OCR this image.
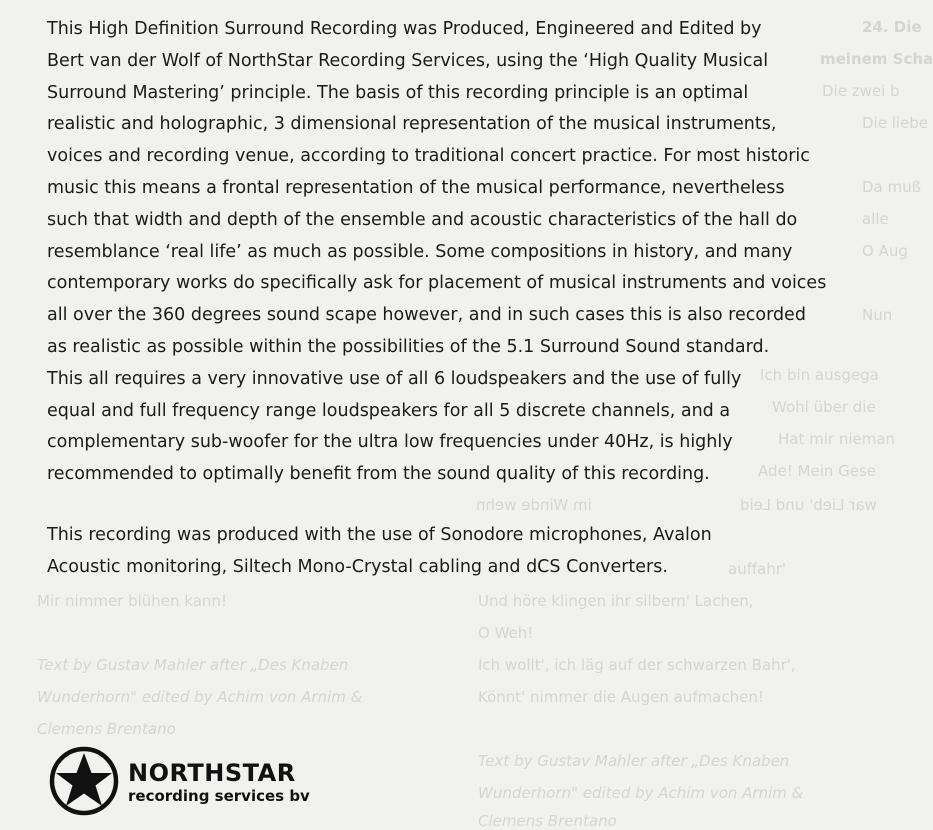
24. Die
meinem Scha
Die zwei b
Die liebe
Da muß
alle
O Aug
Nun
Ich bin ausgega
Wohl über die
Hat mir nieman
Ade! Mein Gese
war Lieb' und Leid
im Winde wehn
auffahr'
Mir nimmer blühen kann!	Und höre klingen ihr silbern' Lachen,
O Weh!
Text by Gustav Mahler after „Des Knaben	Ich wollt', ich läg auf der schwarzen Bahr',
Wunderhorn" edited by Achim von Arnim &	Könnt' nimmer die Augen aufmachen!
Clemens Brentano
Text by Gustav Mahler after „Des Knaben
Wunderhorn" edited by Achim von Arnim &
Clemens Brentano
This High Definition Surround Recording was Produced, Engineered and Edited by
Bert van der Wolf of NorthStar Recording Services, using the ‘High Quality Musical
Surround Mastering’ principle. The basis of this recording principle is an optimal
realistic and holographic, 3 dimensional representation of the musical instruments,
voices and recording venue, according to traditional concert practice. For most historic
music this means a frontal representation of the musical performance, nevertheless
such that width and depth of the ensemble and acoustic characteristics of the hall do
resemblance ‘real life’ as much as possible. Some compositions in history, and many
contemporary works do specifically ask for placement of musical instruments and voices
all over the 360 degrees sound scape however, and in such cases this is also recorded
as realistic as possible within the possibilities of the 5.1 Surround Sound standard.
This all requires a very innovative use of all 6 loudspeakers and the use of fully
equal and full frequency range loudspeakers for all 5 discrete channels, and a
complementary sub-woofer for the ultra low frequencies under 40Hz, is highly
recommended to optimally benefit from the sound quality of this recording.
This recording was produced with the use of Sonodore microphones, Avalon
Acoustic monitoring, Siltech Mono-Crystal cabling and dCS Converters.
NORTHSTAR
recording services bv
